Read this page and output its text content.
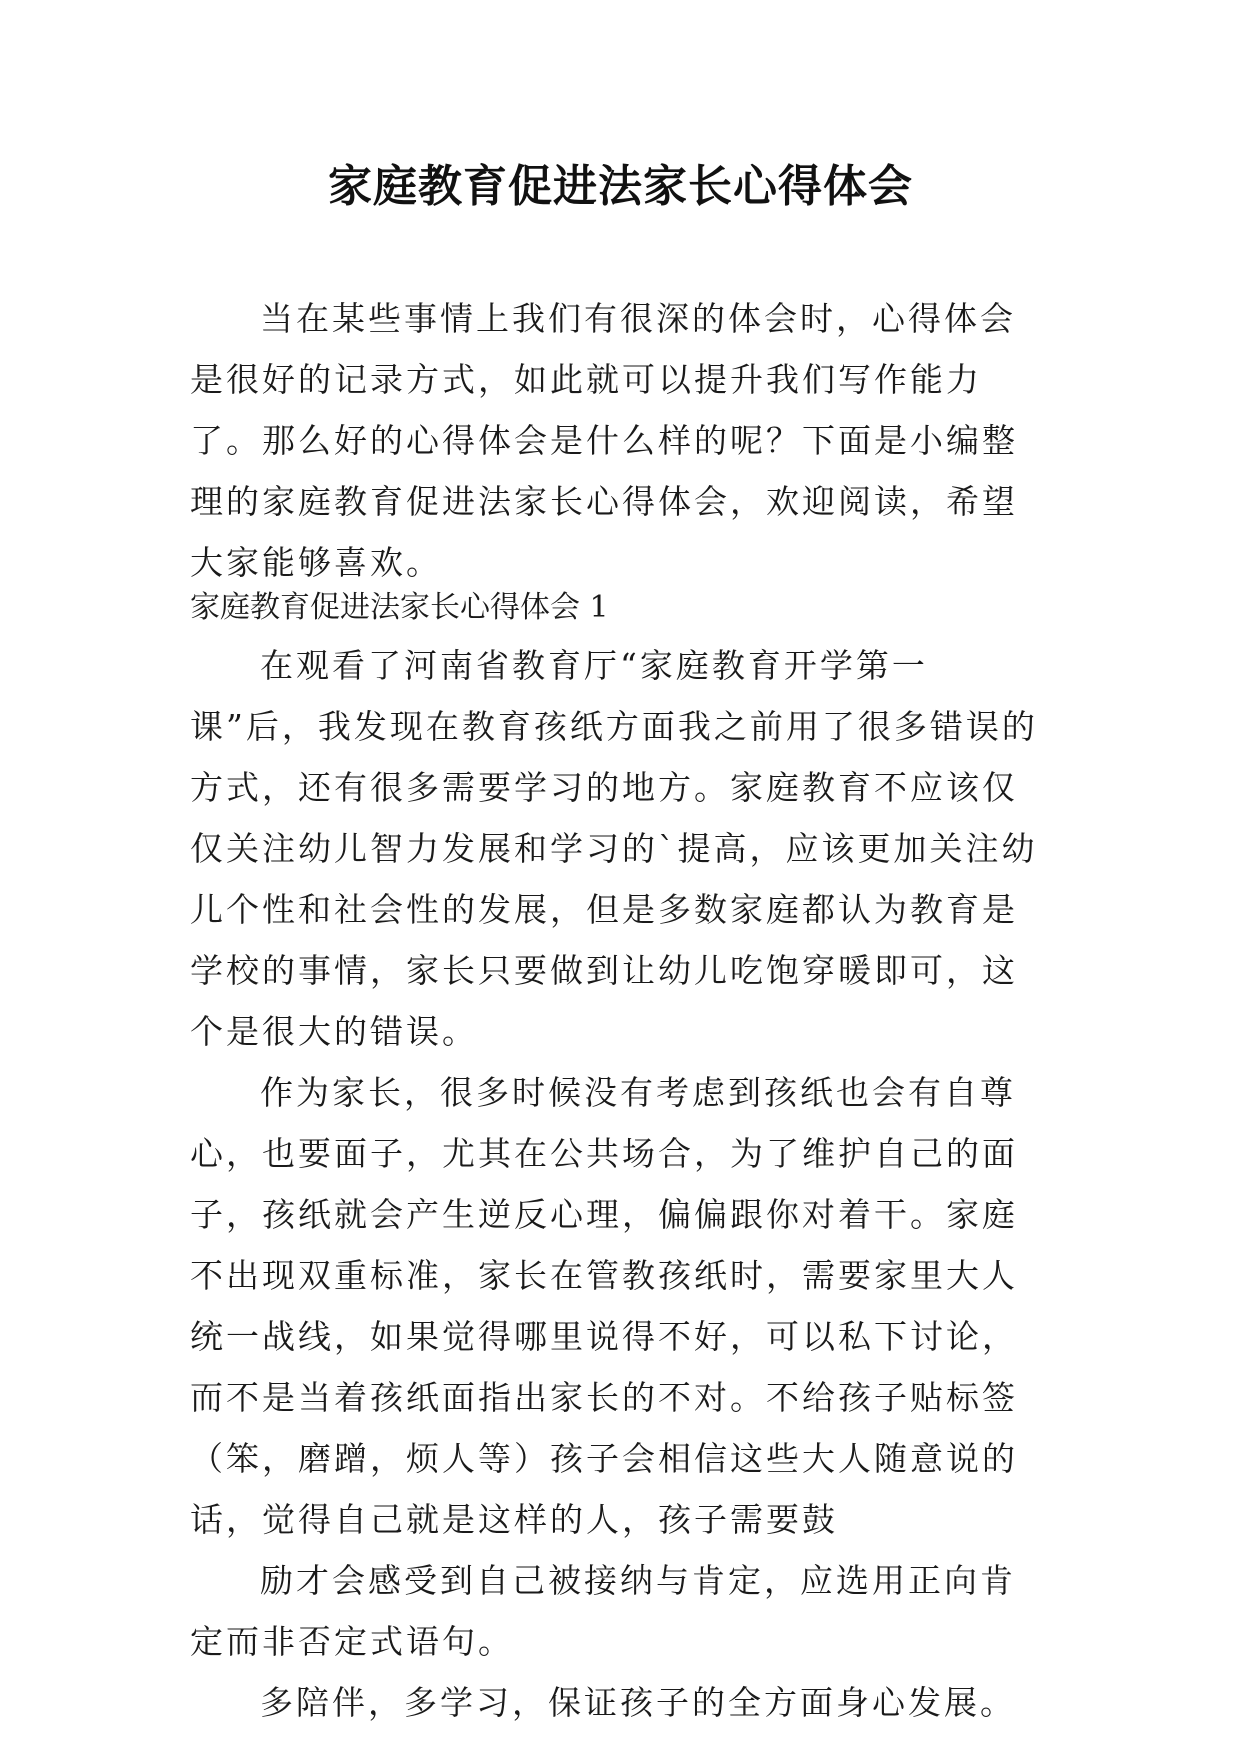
家庭教育促进法家长心得体会
当在某些事情上我们有很深的体会时，心得体会是很好的记录方式，如此就可以提升我们写作能力了。那么好的心得体会是什么样的呢？下面是小编整理的家庭教育促进法家长心得体会，欢迎阅读，希望大家能够喜欢。
家庭教育促进法家长心得体会 1

在观看了河南省教育厅“家庭教育开学第一课”后，我发现在教育孩纸方面我之前用了很多错误的方式，还有很多需要学习的地方。家庭教育不应该仅仅关注幼儿智力发展和学习的`提高，应该更加关注幼儿个性和社会性的发展，但是多数家庭都认为教育是学校的事情，家长只要做到让幼儿吃饱穿暖即可，这个是很大的错误。

作为家长，很多时候没有考虑到孩纸也会有自尊心，也要面子，尤其在公共场合，为了维护自己的面子，孩纸就会产生逆反心理，偏偏跟你对着干。家庭不出现双重标准，家长在管教孩纸时，需要家里大人统一战线，如果觉得哪里说得不好，可以私下讨论，而不是当着孩纸面指出家长的不对。不给孩子贴标签（笨，磨蹭，烦人等）孩子会相信这些大人随意说的话，觉得自己就是这样的人，孩子需要鼓

励才会感受到自己被接纳与肯定，应选用正向肯定而非否定式语句。

多陪伴，多学习，保证孩子的全方面身心发展。
